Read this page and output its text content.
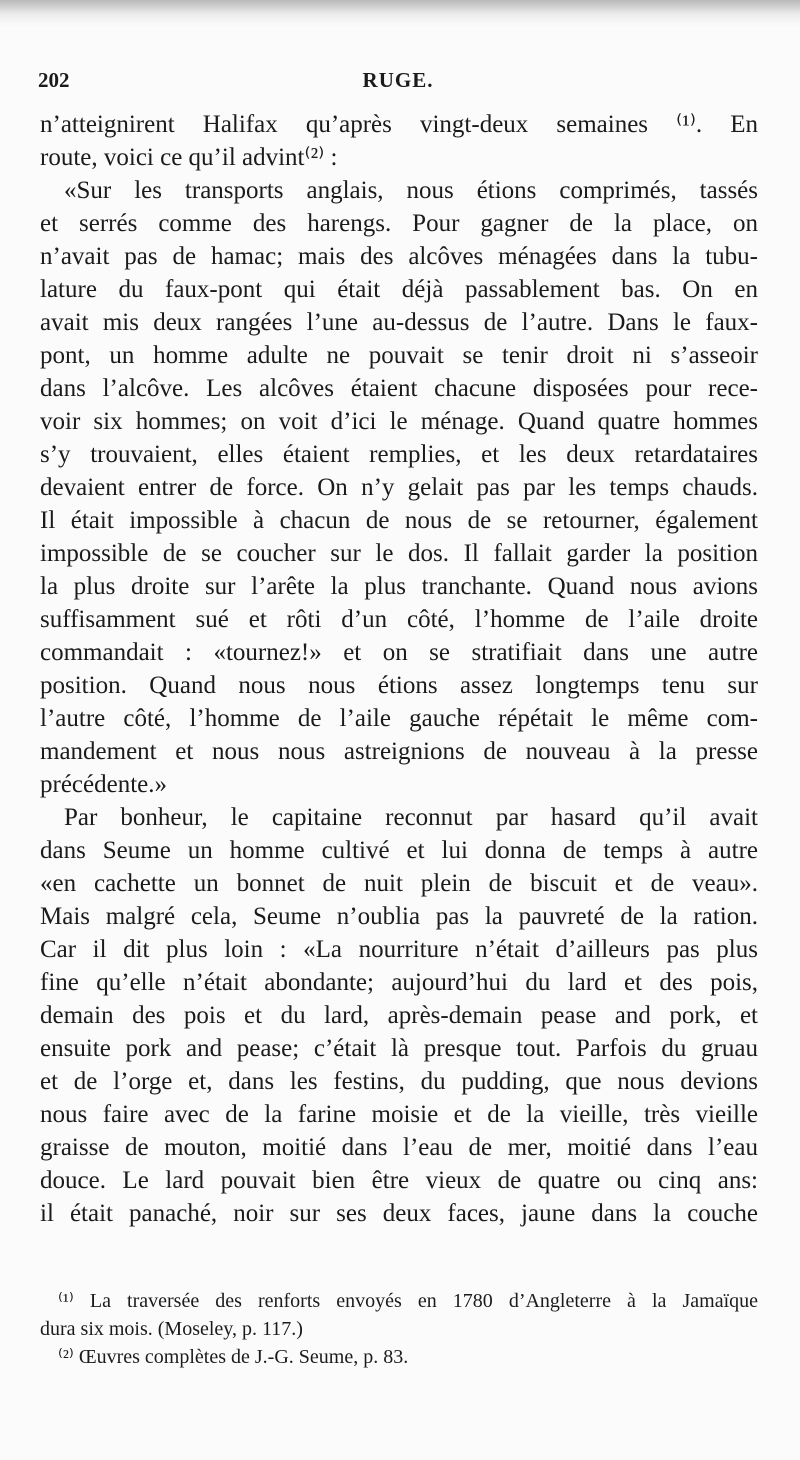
202	RUGE.
n’atteignirent Halifax qu’après vingt-deux semaines ⁽¹⁾. En
route, voici ce qu’il advint⁽²⁾ :
«Sur les transports anglais, nous étions comprimés, tassés
et serrés comme des harengs. Pour gagner de la place, on
n’avait pas de hamac; mais des alcôves ménagées dans la tubu-
lature du faux-pont qui était déjà passablement bas. On en
avait mis deux rangées l’une au-dessus de l’autre. Dans le faux-
pont, un homme adulte ne pouvait se tenir droit ni s’asseoir
dans l’alcôve. Les alcôves étaient chacune disposées pour rece-
voir six hommes; on voit d’ici le ménage. Quand quatre hommes
s’y trouvaient, elles étaient remplies, et les deux retardataires
devaient entrer de force. On n’y gelait pas par les temps chauds.
Il était impossible à chacun de nous de se retourner, également
impossible de se coucher sur le dos. Il fallait garder la position
la plus droite sur l’arête la plus tranchante. Quand nous avions
suffisamment sué et rôti d’un côté, l’homme de l’aile droite
commandait : «tournez!» et on se stratifiait dans une autre
position. Quand nous nous étions assez longtemps tenu sur
l’autre côté, l’homme de l’aile gauche répétait le même com-
mandement et nous nous astreignions de nouveau à la presse
précédente.»
Par bonheur, le capitaine reconnut par hasard qu’il avait
dans Seume un homme cultivé et lui donna de temps à autre
«en cachette un bonnet de nuit plein de biscuit et de veau».
Mais malgré cela, Seume n’oublia pas la pauvreté de la ration.
Car il dit plus loin : «La nourriture n’était d’ailleurs pas plus
fine qu’elle n’était abondante; aujourd’hui du lard et des pois,
demain des pois et du lard, après-demain pease and pork, et
ensuite pork and pease; c’était là presque tout. Parfois du gruau
et de l’orge et, dans les festins, du pudding, que nous devions
nous faire avec de la farine moisie et de la vieille, très vieille
graisse de mouton, moitié dans l’eau de mer, moitié dans l’eau
douce. Le lard pouvait bien être vieux de quatre ou cinq ans:
il était panaché, noir sur ses deux faces, jaune dans la couche
⁽¹⁾ La traversée des renforts envoyés en 1780 d’Angleterre à la Jamaïque
dura six mois. (Moseley, p. 117.)
⁽²⁾ Œuvres complètes de J.-G. Seume, p. 83.
